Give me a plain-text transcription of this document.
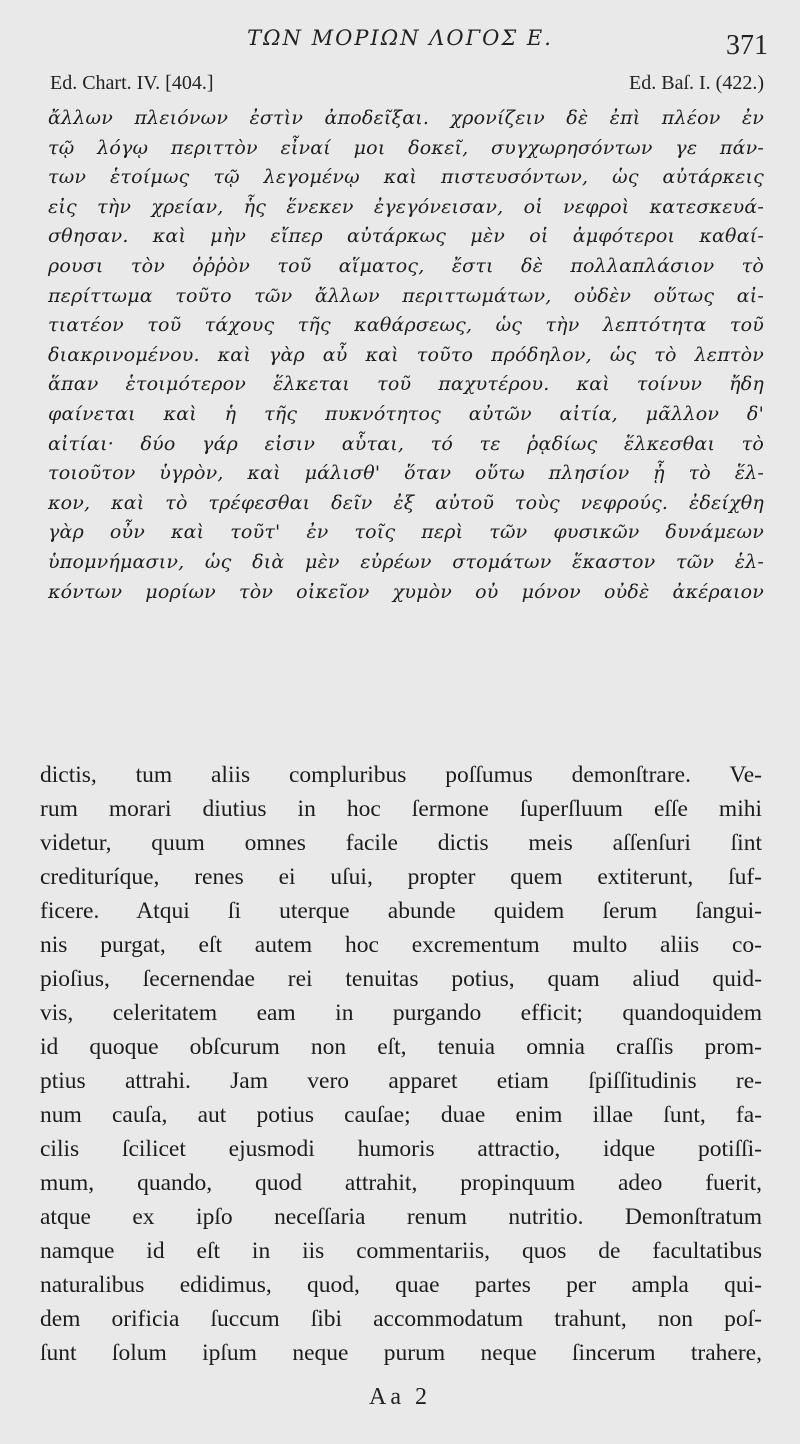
ΤΩΝ ΜΟΡΙΩΝ ΛΟΓΟΣ Ε.	371
Ed. Chart. IV. [404.]	Ed. Baſ. I. (422.)
ἄλλων πλειόνων ἐστὶν ἀποδεῖξαι. χρονίζειν δὲ ἐπὶ πλέον ἐν
τῷ λόγῳ περιττὸν εἶναί μοι δοκεῖ, συγχωρησόντων γε πάν-
των ἑτοίμως τῷ λεγομένῳ καὶ πιστευσόντων, ὡς αὐτάρκεις
εἰς τὴν χρείαν, ἧς ἕνεκεν ἐγεγόνεισαν, οἱ νεφροὶ κατεσκευά-
σθησαν. καὶ μὴν εἴπερ αὐτάρκως μὲν οἱ ἀμφότεροι καθαί-
ρουσι τὸν ὀῤῥὸν τοῦ αἵματος, ἔστι δὲ πολλαπλάσιον τὸ
περίττωμα τοῦτο τῶν ἄλλων περιττωμάτων, οὐδὲν οὕτως αἰ-
τιατέον τοῦ τάχους τῆς καθάρσεως, ὡς τὴν λεπτότητα τοῦ
διακρινομένου. καὶ γὰρ αὖ καὶ τοῦτο πρόδηλον, ὡς τὸ λεπτὸν
ἅπαν ἑτοιμότερον ἕλκεται τοῦ παχυτέρου. καὶ τοίνυν ἤδη
φαίνεται καὶ ἡ τῆς πυκνότητος αὐτῶν αἰτία, μᾶλλον δ'
αἰτίαι· δύο γάρ εἰσιν αὗται, τό τε ῥᾳδίως ἕλκεσθαι τὸ
τοιοῦτον ὑγρὸν, καὶ μάλισθ' ὅταν οὕτω πλησίον ᾖ τὸ ἕλ-
κον, καὶ τὸ τρέφεσθαι δεῖν ἐξ αὐτοῦ τοὺς νεφρούς. ἐδείχθη
γὰρ οὖν καὶ τοῦτ' ἐν τοῖς περὶ τῶν φυσικῶν δυνάμεων
ὑπομνήμασιν, ὡς διὰ μὲν εὐρέων στομάτων ἕκαστον τῶν ἑλ-
κόντων μορίων τὸν οἰκεῖον χυμὸν οὐ μόνον οὐδὲ ἀκέραιον
dictis, tum aliis compluribus poſſumus demonſtrare. Ve-
rum morari diutius in hoc ſermone ſuperſluum eſſe mihi
videtur, quum omnes facile dictis meis aſſenſuri ſint
credituríque, renes ei uſui, propter quem extiterunt, ſuf-
ficere. Atqui ſi uterque abunde quidem ſerum ſangui-
nis purgat, eſt autem hoc excrementum multo aliis co-
pioſius, ſecernendae rei tenuitas potius, quam aliud quid-
vis, celeritatem eam in purgando efficit; quandoquidem
id quoque obſcurum non eſt, tenuia omnia craſſis prom-
ptius attrahi. Jam vero apparet etiam ſpiſſitudinis re-
num cauſa, aut potius cauſae; duae enim illae ſunt, fa-
cilis ſcilicet ejusmodi humoris attractio, idque potiſſi-
mum, quando, quod attrahit, propinquum adeo fuerit,
atque ex ipſo neceſſaria renum nutritio. Demonſtratum
namque id eſt in iis commentariis, quos de facultatibus
naturalibus edidimus, quod, quae partes per ampla qui-
dem orificia ſuccum ſibi accommodatum trahunt, non poſ-
ſunt ſolum ipſum neque purum neque ſincerum trahere,
Aa 2
